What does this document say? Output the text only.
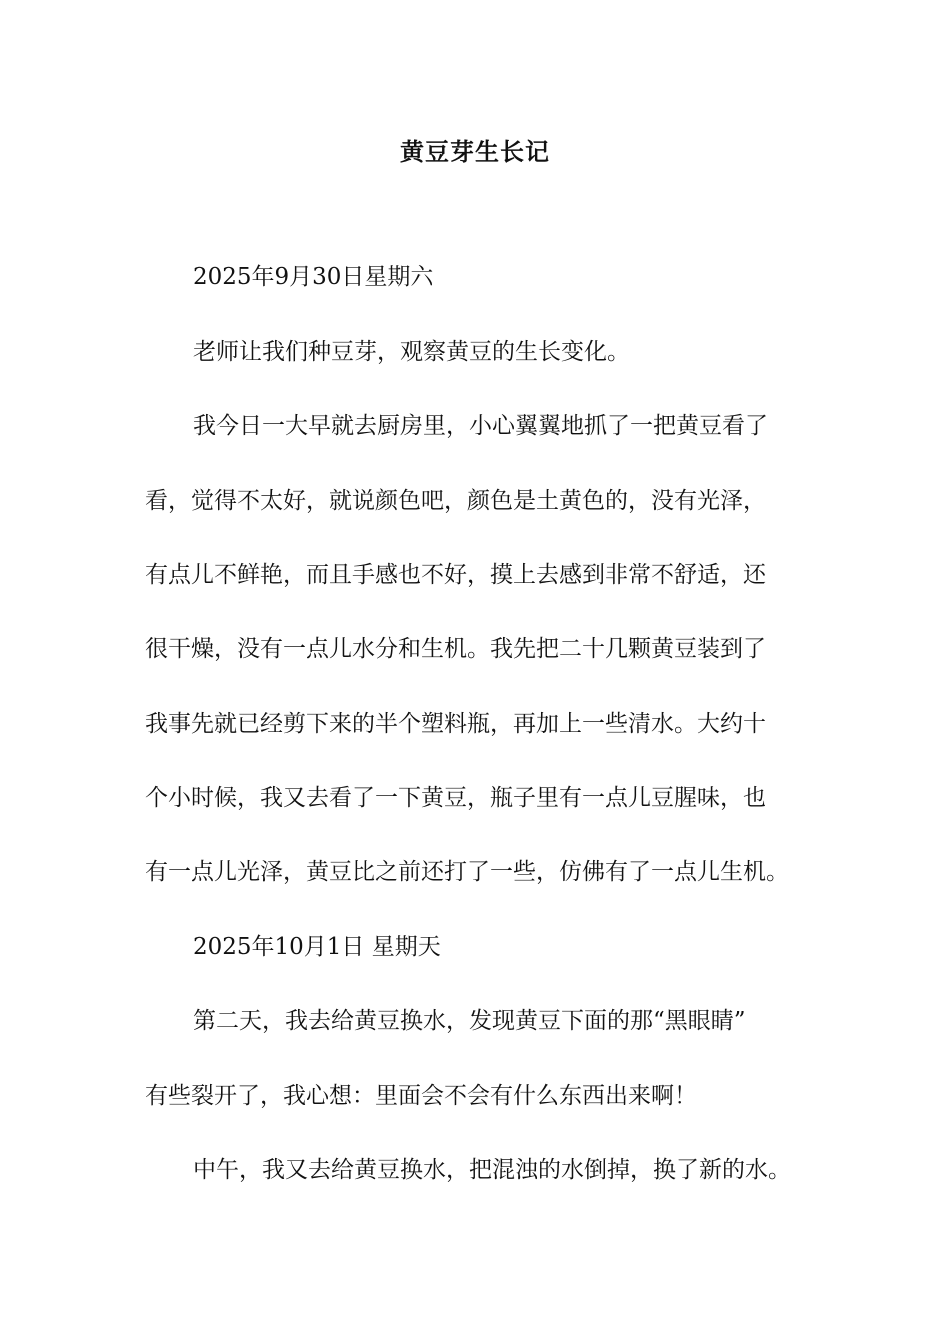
黄豆芽生长记
2025年9月30日星期六
老师让我们种豆芽，观察黄豆的生长变化。
我今日一大早就去厨房里，小心翼翼地抓了一把黄豆看了
看，觉得不太好，就说颜色吧，颜色是土黄色的，没有光泽，
有点儿不鲜艳，而且手感也不好，摸上去感到非常不舒适，还
很干燥，没有一点儿水分和生机。我先把二十几颗黄豆装到了
我事先就已经剪下来的半个塑料瓶，再加上一些清水。大约十
个小时候，我又去看了一下黄豆，瓶子里有一点儿豆腥味，也
有一点儿光泽，黄豆比之前还打了一些，仿佛有了一点儿生机。
2025年10月1日 星期天
第二天，我去给黄豆换水，发现黄豆下面的那“黑眼睛”
有些裂开了，我心想：里面会不会有什么东西出来啊！
中午，我又去给黄豆换水，把混浊的水倒掉，换了新的水。
